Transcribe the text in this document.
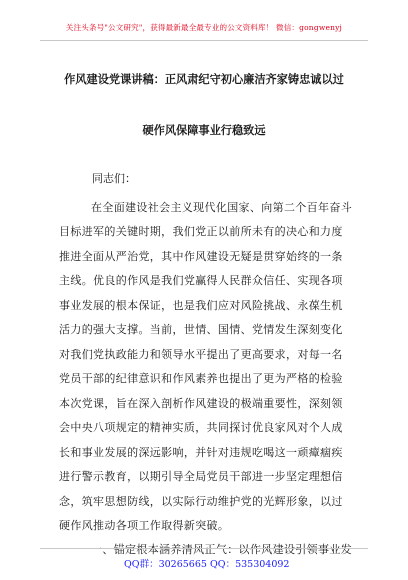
关注头条号"公文研究"，获得最新最全最专业的公文资料库！ 微信：gongwenyj
作风建设党课讲稿：正风肃纪守初心廉洁齐家铸忠诚以过
硬作风保障事业行稳致远
同志们：
在全面建设社会主义现代化国家、向第二个百年奋斗
目标进军的关键时期，我们党正以前所未有的决心和力度
推进全面从严治党，其中作风建设无疑是贯穿始终的一条
主线。优良的作风是我们党赢得人民群众信任、实现各项
事业发展的根本保证，也是我们应对风险挑战、永葆生机
活力的强大支撑。当前，世情、国情、党情发生深刻变化
对我们党执政能力和领导水平提出了更高要求，对每一名
党员干部的纪律意识和作风素养也提出了更为严格的检验
本次党课，旨在深入剖析作风建设的极端重要性，深刻领
会中央八项规定的精神实质，共同探讨优良家风对个人成
长和事业发展的深远影响，并针对违规吃喝这一顽瘴痼疾
进行警示教育，以期引导全局党员干部进一步坚定理想信
念，筑牢思想防线，以实际行动维护党的光辉形象，以过
硬作风推动各项工作取得新突破。
一、锚定根本涵养清风正气：以作风建设引领事业发
QQ群：30265665 QQ：535304092
